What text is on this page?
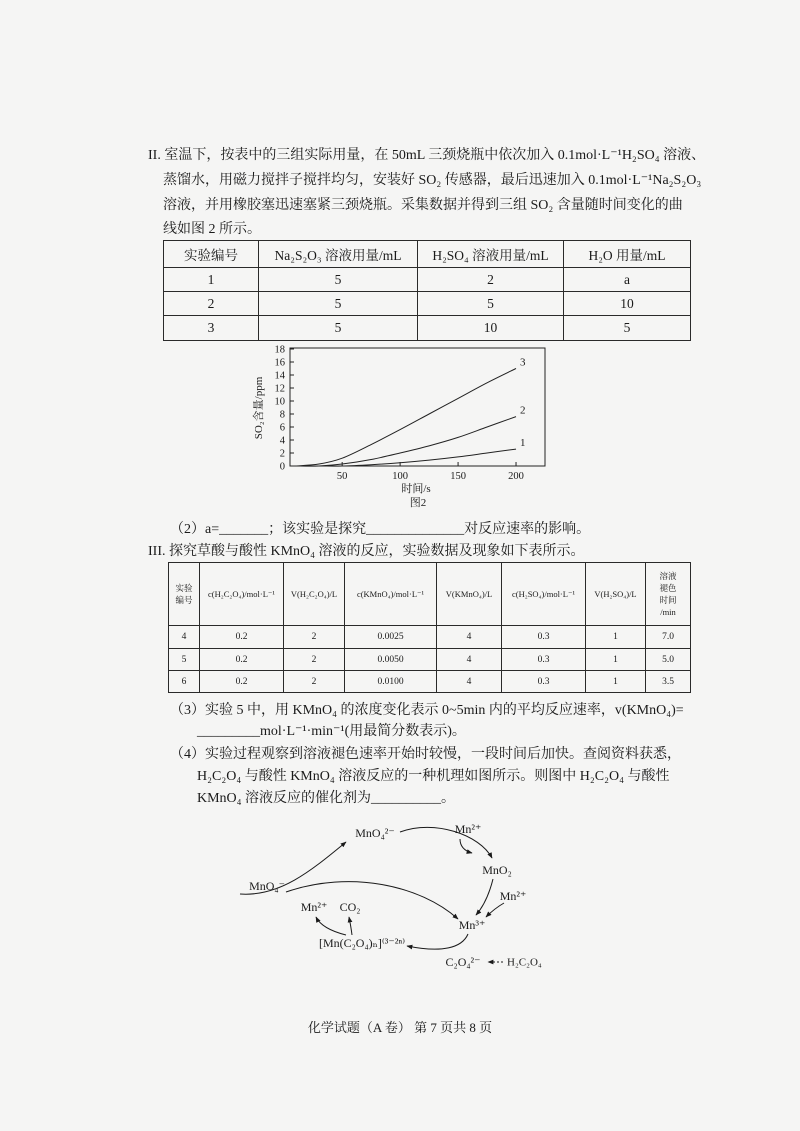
II. 室温下，按表中的三组实际用量，在 50mL 三颈烧瓶中依次加入 0.1mol·L⁻¹H₂SO₄ 溶液、
蒸馏水，用磁力搅拌子搅拌均匀，安装好 SO₂ 传感器，最后迅速加入 0.1mol·L⁻¹Na₂S₂O₃
溶液，并用橡胶塞迅速塞紧三颈烧瓶。采集数据并得到三组 SO₂ 含量随时间变化的曲
线如图 2 所示。
实验编号	Na₂S₂O₃ 溶液用量/mL	H₂SO₄ 溶液用量/mL	H₂O 用量/mL
1	5	2	a
2	5	5	10
3	5	10	5
SO₂含量/ppm
时间/s
图2
0
2
4
6
8
10
12
14
16
18
50	100	150	200
1
2
3
（2）a=_______；该实验是探究______________对反应速率的影响。
III. 探究草酸与酸性 KMnO₄ 溶液的反应，实验数据及现象如下表所示。
实验
编号	c(H₂C₂O₄)/mol·L⁻¹	V(H₂C₂O₄)/L	c(KMnO₄)/mol·L⁻¹	V(KMnO₄)/L	c(H₂SO₄)/mol·L⁻¹	V(H₂SO₄)/L	溶液
褪色
时间
/min

4	0.2	2	0.0025	4	0.3	1	7.0
5	0.2	2	0.0050	4	0.3	1	5.0
6	0.2	2	0.0100	4	0.3	1	3.5
（3）实验 5 中，用 KMnO₄ 的浓度变化表示 0~5min 内的平均反应速率，v(KMnO₄)=
_________mol·L⁻¹·min⁻¹(用最简分数表示)。
（4）实验过程观察到溶液褪色速率开始时较慢，一段时间后加快。查阅资料获悉，
H₂C₂O₄ 与酸性 KMnO₄ 溶液反应的一种机理如图所示。则图中 H₂C₂O₄ 与酸性
KMnO₄ 溶液反应的催化剂为__________。
MnO₄²⁻	Mn²⁺
MnO₂
Mn²⁺
Mn³⁺
MnO₄⁻
Mn²⁺ CO₂
[Mn(C₂O₄)ₙ]⁽³⁻²ⁿ⁾
C₂O₄²⁻ H₂C₂O₄
化学试题（A 卷） 第 7 页共 8 页
